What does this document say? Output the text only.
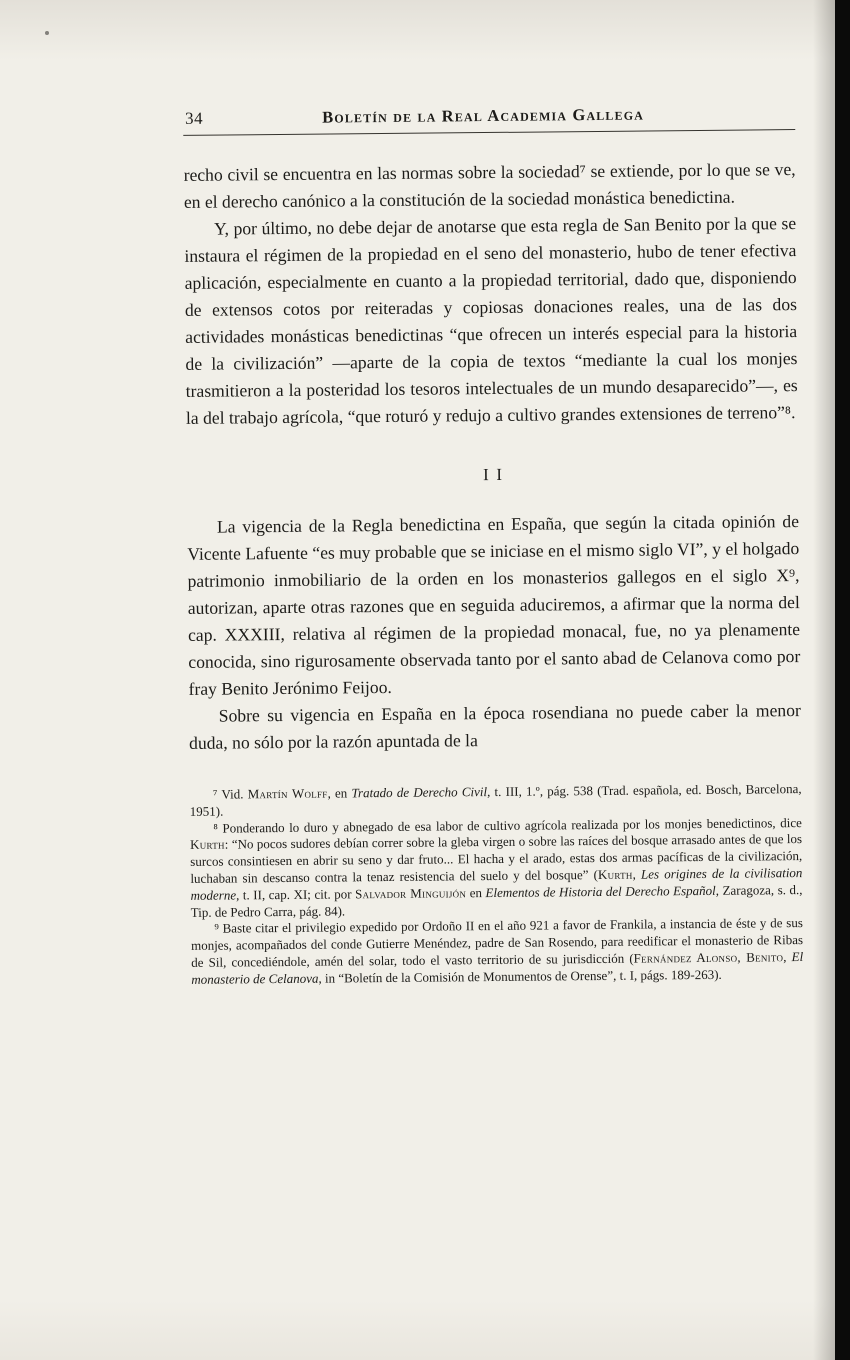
34	Boletín de la Real Academia Gallega

recho civil se encuentra en las normas sobre la sociedad⁷ se extiende, por lo que se ve, en el derecho canónico a la constitución de la sociedad monástica benedictina.

Y, por último, no debe dejar de anotarse que esta regla de San Benito por la que se instaura el régimen de la propiedad en el seno del monasterio, hubo de tener efectiva aplicación, especialmente en cuanto a la propiedad territorial, dado que, disponiendo de extensos cotos por reiteradas y copiosas donaciones reales, una de las dos actividades monásticas benedictinas “que ofrecen un interés especial para la historia de la civilización” —aparte de la copia de textos “mediante la cual los monjes trasmitieron a la posteridad los tesoros intelectuales de un mundo desaparecido”—, es la del trabajo agrícola, “que roturó y redujo a cultivo grandes extensiones de terreno”⁸.

II

La vigencia de la Regla benedictina en España, que según la citada opinión de Vicente Lafuente “es muy probable que se iniciase en el mismo siglo VI”, y el holgado patrimonio inmobiliario de la orden en los monasterios gallegos en el siglo X⁹, autorizan, aparte otras razones que en seguida aduciremos, a afirmar que la norma del cap. XXXIII, relativa al régimen de la propiedad monacal, fue, no ya plenamente conocida, sino rigurosamente observada tanto por el santo abad de Celanova como por fray Benito Jerónimo Feijoo.

Sobre su vigencia en España en la época rosendiana no puede caber la menor duda, no sólo por la razón apuntada de la

⁷ Vid. Martín Wolff, en Tratado de Derecho Civil, t. III, 1.º, pág. 538 (Trad. española, ed. Bosch, Barcelona, 1951).

⁸ Ponderando lo duro y abnegado de esa labor de cultivo agrícola realizada por los monjes benedictinos, dice Kurth: “No pocos sudores debían correr sobre la gleba virgen o sobre las raíces del bosque arrasado antes de que los surcos consintiesen en abrir su seno y dar fruto... El hacha y el arado, estas dos armas pacíficas de la civilización, luchaban sin descanso contra la tenaz resistencia del suelo y del bosque” (Kurth, Les origines de la civilisation moderne, t. II, cap. XI; cit. por Salvador Minguijón en Elementos de Historia del Derecho Español, Zaragoza, s. d., Tip. de Pedro Carra, pág. 84).

⁹ Baste citar el privilegio expedido por Ordoño II en el año 921 a favor de Frankila, a instancia de éste y de sus monjes, acompañados del conde Gutierre Menéndez, padre de San Rosendo, para reedificar el monasterio de Ribas de Sil, concediéndole, amén del solar, todo el vasto territorio de su jurisdicción (Fernández Alonso, Benito, El monasterio de Celanova, in “Boletín de la Comisión de Monumentos de Orense”, t. I, págs. 189-263).
